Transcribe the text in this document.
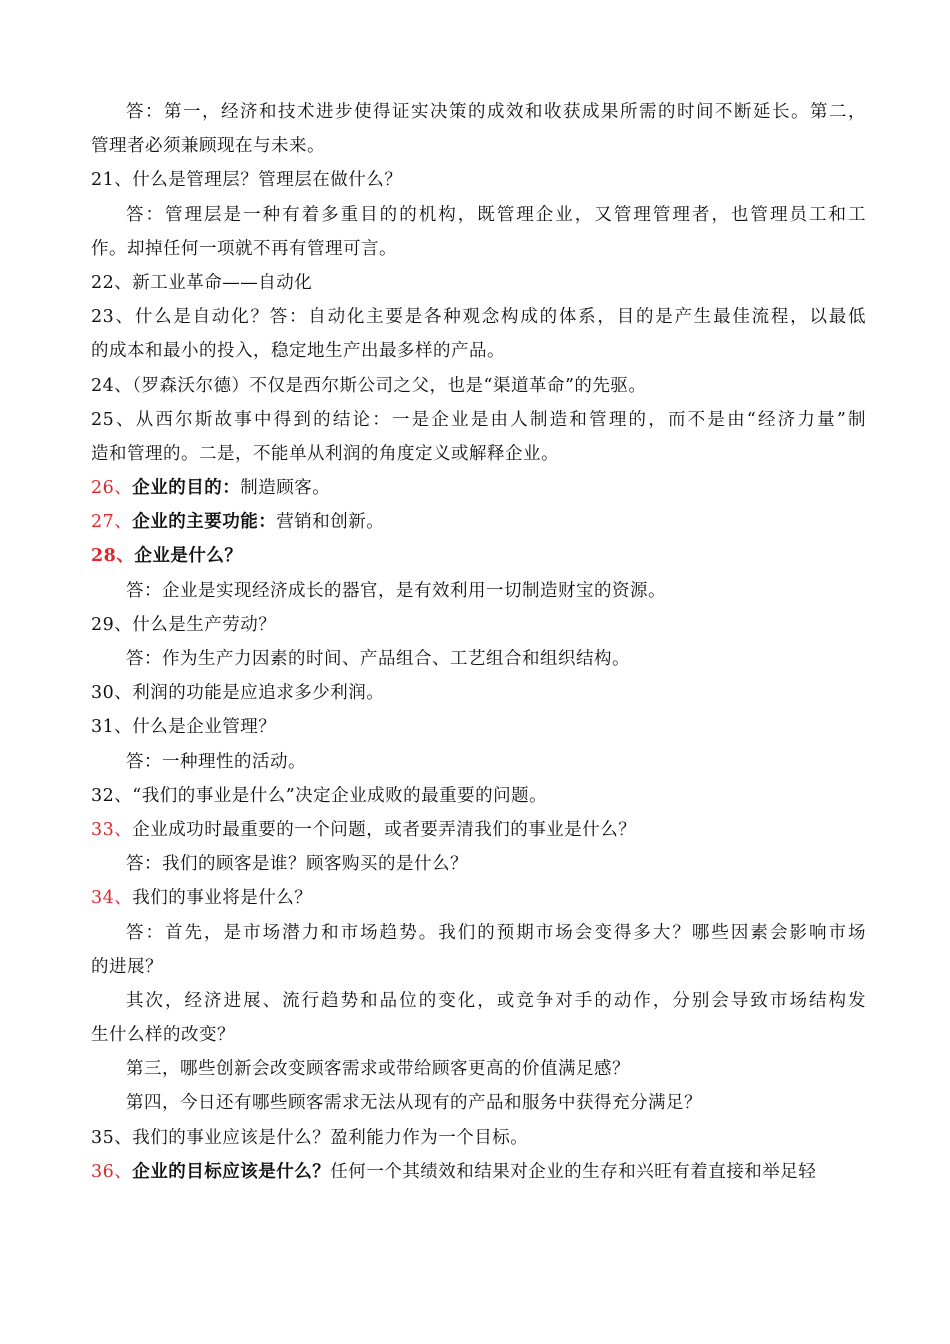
答：第一，经济和技术进步使得证实决策的成效和收获成果所需的时间不断延长。第二，
管理者必须兼顾现在与未来。
21、什么是管理层？管理层在做什么？
答：管理层是一种有着多重目的的机构，既管理企业，又管理管理者，也管理员工和工
作。却掉任何一项就不再有管理可言。
22、新工业革命——自动化
23、什么是自动化？答：自动化主要是各种观念构成的体系，目的是产生最佳流程，以最低
的成本和最小的投入，稳定地生产出最多样的产品。
24、（罗森沃尔德）不仅是西尔斯公司之父，也是“渠道革命”的先驱。
25、从西尔斯故事中得到的结论：一是企业是由人制造和管理的，而不是由“经济力量”制
造和管理的。二是，不能单从利润的角度定义或解释企业。
26、企业的目的：制造顾客。
27、企业的主要功能：营销和创新。
28、企业是什么？
答：企业是实现经济成长的器官，是有效利用一切制造财宝的资源。
29、什么是生产劳动？
答：作为生产力因素的时间、产品组合、工艺组合和组织结构。
30、利润的功能是应追求多少利润。
31、什么是企业管理？
答：一种理性的活动。
32、“我们的事业是什么”决定企业成败的最重要的问题。
33、企业成功时最重要的一个问题，或者要弄清我们的事业是什么？
答：我们的顾客是谁？顾客购买的是什么？
34、我们的事业将是什么？
答：首先，是市场潜力和市场趋势。我们的预期市场会变得多大？哪些因素会影响市场
的进展？
其次，经济进展、流行趋势和品位的变化，或竞争对手的动作，分别会导致市场结构发
生什么样的改变？
第三，哪些创新会改变顾客需求或带给顾客更高的价值满足感？
第四，今日还有哪些顾客需求无法从现有的产品和服务中获得充分满足？
35、我们的事业应该是什么？盈利能力作为一个目标。
36、企业的目标应该是什么？任何一个其绩效和结果对企业的生存和兴旺有着直接和举足轻
